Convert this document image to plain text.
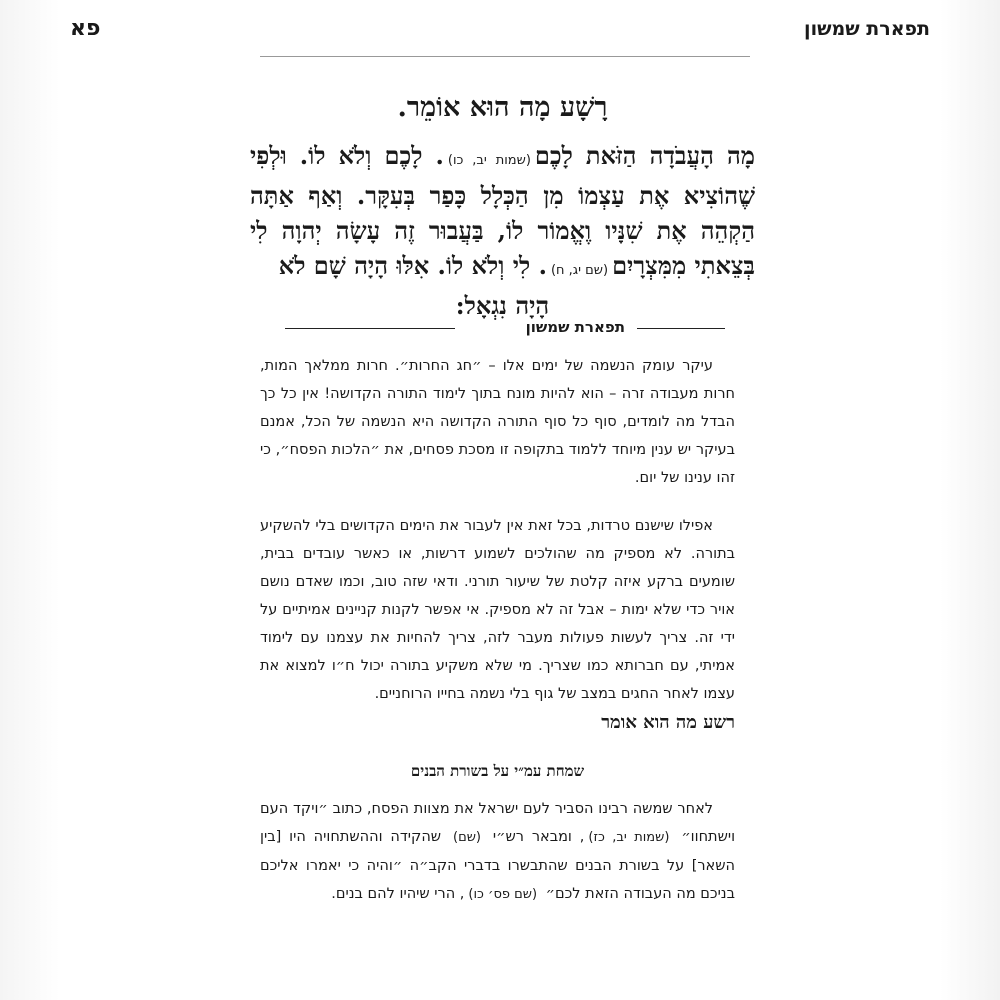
תפארת שמשון
פא
רָשָׁע מָה הוּא אוֹמֵר.

מָה הָעֲבֹדָה הַזֹּאת לָכֶם(שמות יב, כו). לָכֶם וְלֹא לוֹ. וּלְפִי שֶׁהוֹצִיא אֶת עַצְמוֹ מִן הַכְּלָל כָּפַר בְּעִקָּר. וְאַף אַתָּה הַקְהֵה אֶת שִׁנָּיו וֶאֱמוֹר לוֹ, בַּעֲבוּר זֶה עָשָׂה יְהוָה לִי בְּצֵאתִי מִמִּצְרָיִם(שם יג, ח). לִי וְלֹא לוֹ. אִלּוּ הָיָה שָׁם לֹא

הָיָה נִגְאָל:

תפארת שמשון

עיקר עומק הנשמה של ימים אלו – ״חג החרות״. חרות ממלאך המות, חרות מעבודה זרה – הוא להיות מונח בתוך לימוד התורה הקדושה! אין כל כך הבדל מה לומדים, סוף כל סוף התורה הקדושה היא הנשמה של הכל, אמנם בעיקר יש ענין מיוחד ללמוד בתקופה זו מסכת פסחים, את ״הלכות הפסח״, כי זהו ענינו של יום.

אפילו שישנם טרדות, בכל זאת אין לעבור את הימים הקדושים בלי להשקיע בתורה. לא מספיק מה שהולכים לשמוע דרשות, או כאשר עובדים בבית, שומעים ברקע איזה קלטת של שיעור תורני. ודאי שזה טוב, וכמו שאדם נושם אויר כדי שלא ימות – אבל זה לא מספיק. אי אפשר לקנות קניינים אמיתיים על ידי זה. צריך לעשות פעולות מעבר לזה, צריך להחיות את עצמנו עם לימוד אמיתי, עם חברותא כמו שצריך. מי שלא משקיע בתורה יכול ח״ו למצוא את עצמו לאחר החגים במצב של גוף בלי נשמה בחייו הרוחניים.

רשע מה הוא אומר
שמחת עמ״י על בשורת הבנים

לאחר שמשה רבינו הסביר לעם ישראל את מצוות הפסח, כתוב ״ויקד העם וישתחוו״ (שמות יב, כז), ומבאר רש״י (שם) שהקידה וההשתחויה היו [בין השאר] על בשורת הבנים שהתבשרו בדברי הקב״ה ״והיה כי יאמרו אליכם בניכם מה העבודה הזאת לכם״ (שם פס׳ כו), הרי שיהיו להם בנים.
